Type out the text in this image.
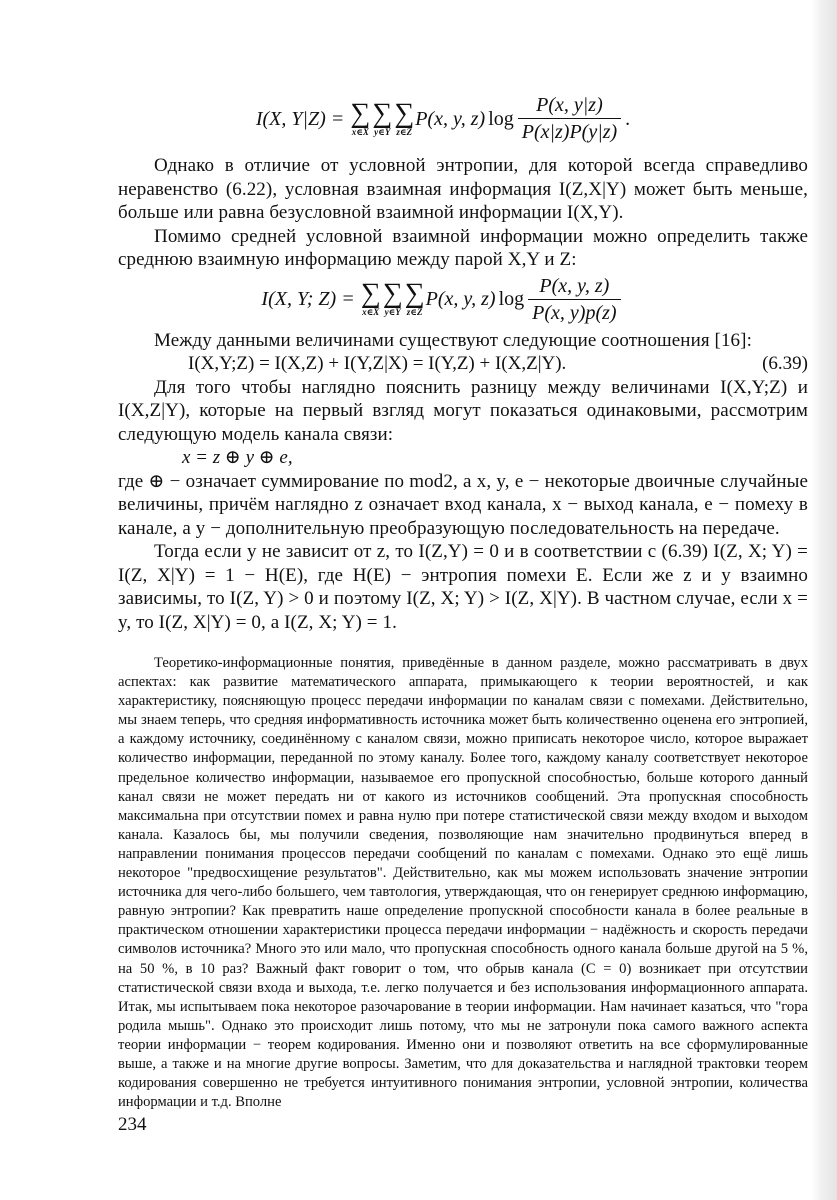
I(X, Y|Z) = ∑
x∈X
∑
y∈Y
∑
z∈Z
P(x, y, z) $\log \frac{P(x, y|z)}{P(x|z)P(y|z)}$ .

Однако в отличие от условной энтропии, для которой всегда справедливо неравенство (6.22), условная взаимная информация I(Z,X|Y) может быть меньше, больше или равна безусловной взаимной информации I(X,Y).

Помимо средней условной взаимной информации можно определить также среднюю взаимную информацию между парой X,Y и Z:

I(X, Y; Z) = ∑
x∈X
∑
y∈Y
∑
z∈Z
P(x, y, z) $\log \frac{P(x, y, z)}{P(x, y)p(z)}$

Между данными величинами существуют следующие соотношения [16]:

I(X,Y;Z) = I(X,Z) + I(Y,Z|X) = I(Y,Z) + I(X,Z|Y).	(6.39)

Для того чтобы наглядно пояснить разницу между величинами I(X,Y;Z) и I(X,Z|Y), которые на первый взгляд могут показаться одинаковыми, рассмотрим следующую модель канала связи:

x = z ⊕ y ⊕ e,

где ⊕ − означает суммирование по mod2, а x, y, e − некоторые двоичные случайные величины, причём наглядно z означает вход канала, x − выход канала, e − помеху в канале, а y − дополнительную преобразующую последовательность на передаче.

Тогда если y не зависит от z, то I(Z,Y) = 0 и в соответствии с (6.39) I(Z, X; Y) = I(Z, X|Y) = 1 − H(E), где H(E) − энтропия помехи E. Если же z и y взаимно зависимы, то I(Z, Y) > 0 и поэтому I(Z, X; Y) > I(Z, X|Y). В частном случае, если x = y, то I(Z, X|Y) = 0, а I(Z, X; Y) = 1.

Теоретико-информационные понятия, приведённые в данном разделе, можно рассматривать в двух аспектах: как развитие математического аппарата, примыкающего к теории вероятностей, и как характеристику, поясняющую процесс передачи информации по каналам связи с помехами. Действительно, мы знаем теперь, что средняя информативность источника может быть количественно оценена его энтропией, а каждому источнику, соединённому с каналом связи, можно приписать некоторое число, которое выражает количество информации, переданной по этому каналу. Более того, каждому каналу соответствует некоторое предельное количество информации, называемое его пропускной способностью, больше которого данный канал связи не может передать ни от какого из источников сообщений. Эта пропускная способность максимальна при отсутствии помех и равна нулю при потере статистической связи между входом и выходом канала. Казалось бы, мы получили сведения, позволяющие нам значительно продвинуться вперед в направлении понимания процессов передачи сообщений по каналам с помехами. Однако это ещё лишь некоторое "предвосхищение результатов". Действительно, как мы можем использовать значение энтропии источника для чего-либо большего, чем тавтология, утверждающая, что он генерирует среднюю информацию, равную энтропии? Как превратить наше определение пропускной способности канала в более реальные в практическом отношении характеристики процесса передачи информации − надёжность и скорость передачи символов источника? Много это или мало, что пропускная способность одного канала больше другой на 5 %, на 50 %, в 10 раз? Важный факт говорит о том, что обрыв канала (C = 0) возникает при отсутствии статистической связи входа и выхода, т.е. легко получается и без использования информационного аппарата. Итак, мы испытываем пока некоторое разочарование в теории информации. Нам начинает казаться, что "гора родила мышь". Однако это происходит лишь потому, что мы не затронули пока самого важного аспекта теории информации − теорем кодирования. Именно они и позволяют ответить на все сформулированные выше, а также и на многие другие вопросы. Заметим, что для доказательства и наглядной трактовки теорем кодирования совершенно не требуется интуитивного понимания энтропии, условной энтропии, количества информации и т.д. Вполне

234
